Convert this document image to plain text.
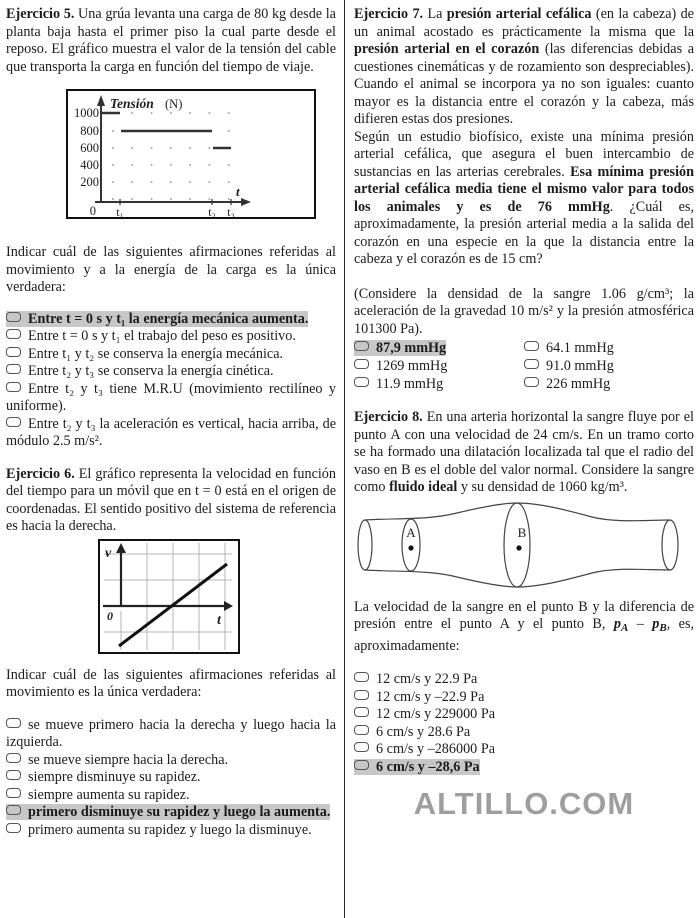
Ejercicio 5. Una grúa levanta una carga de 80 kg desde la planta baja hasta el primer piso la cual parte desde el reposo. El gráfico muestra el valor de la tensión del cable que transporta la carga en función del tiempo de viaje.

Tensión (N)
1000
800
600
400
200
0 t₁	t₂ t₃
t

Indicar cuál de las siguientes afirmaciones referidas al movimiento y a la energía de la carga es la única verdadera:

Entre t = 0 s y t₁ la energía mecánica aumenta.
Entre t = 0 s y t₁ el trabajo del peso es positivo.
Entre t₁ y t₂ se conserva la energía mecánica.
Entre t₂ y t₃ se conserva la energía cinética.
Entre t₂ y t₃ tiene M.R.U (movimiento rectilíneo y uniforme).
Entre t₂ y t₃ la aceleración es vertical, hacia arriba, de módulo 2.5 m/s².

Ejercicio 6. El gráfico representa la velocidad en función del tiempo para un móvil que en t = 0 está en el origen de coordenadas. El sentido positivo del sistema de referencia es hacia la derecha.

v
0	t

Indicar cuál de las siguientes afirmaciones referidas al movimiento es la única verdadera:

se mueve primero hacia la derecha y luego hacia la izquierda.
se mueve siempre hacia la derecha.
siempre disminuye su rapidez.
siempre aumenta su rapidez.
primero disminuye su rapidez y luego la aumenta.
primero aumenta su rapidez y luego la disminuye.

Ejercicio 7. La presión arterial cefálica (en la cabeza) de un animal acostado es prácticamente la misma que la presión arterial en el corazón (las diferencias debidas a cuestiones cinemáticas y de rozamiento son despreciables). Cuando el animal se incorpora ya no son iguales: cuanto mayor es la distancia entre el corazón y la cabeza, más difieren estas dos presiones.

Según un estudio biofísico, existe una mínima presión arterial cefálica, que asegura el buen intercambio de sustancias en las arterias cerebrales. Esa mínima presión arterial cefálica media tiene el mismo valor para todos los animales y es de 76 mmHg. ¿Cuál es, aproximadamente, la presión arterial media a la salida del corazón en una especie en la que la distancia entre la cabeza y el corazón es de 15 cm?

(Considere la densidad de la sangre 1.06 g/cm³; la aceleración de la gravedad 10 m/s² y la presión atmosférica 101300 Pa).

87,9 mmHg
1269 mmHg
11.9 mmHg
64.1 mmHg
91.0 mmHg
226 mmHg

Ejercicio 8. En una arteria horizontal la sangre fluye por el punto A con una velocidad de 24 cm/s. En un tramo corto se ha formado una dilatación localizada tal que el radio del vaso en B es el doble del valor normal. Considere la sangre como fluido ideal y su densidad de 1060 kg/m³.

A	B

La velocidad de la sangre en el punto B y la diferencia de presión entre el punto A y el punto B, $p_A - p_B$, es, aproximadamente:

12 cm/s y 22.9 Pa
12 cm/s y –22.9 Pa
12 cm/s y 229000 Pa
6 cm/s y 28.6 Pa
6 cm/s y –286000 Pa
6 cm/s y –28,6 Pa
ALTILLO.COM
